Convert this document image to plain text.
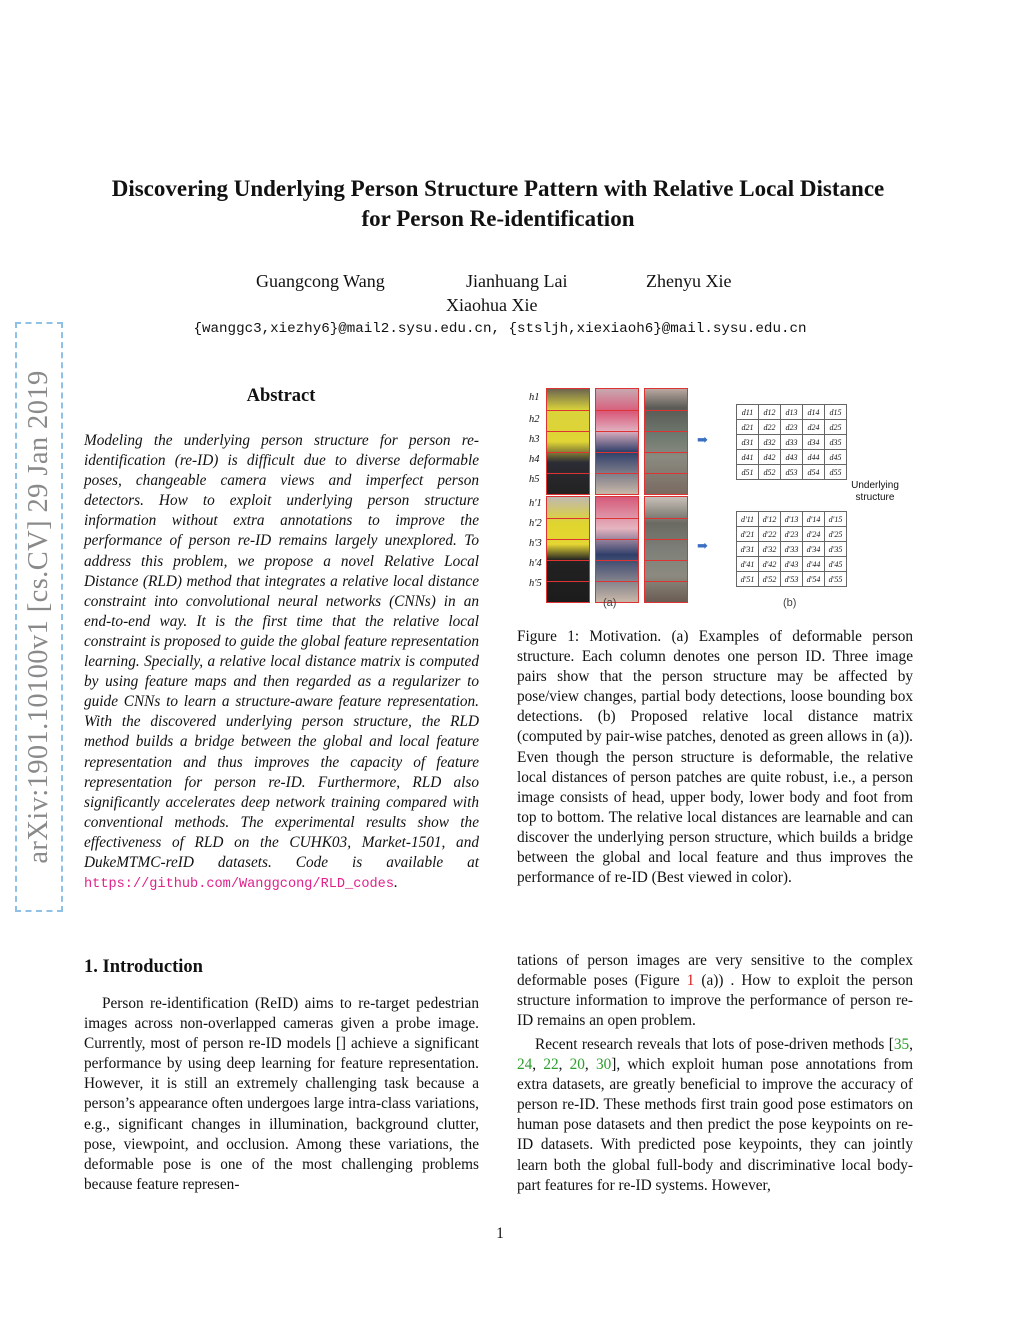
arXiv:1901.10100v1 [cs.CV] 29 Jan 2019
Discovering Underlying Person Structure Pattern with Relative Local Distance
for Person Re-identification
Guangcong Wang	Jianhuang Lai	Zhenyu Xie
Xiaohua Xie
{wanggc3,xiezhy6}@mail2.sysu.edu.cn, {stsljh,xiexiaoh6}@mail.sysu.edu.cn
Abstract
Modeling the underlying person structure for person re-identification (re-ID) is difficult due to diverse deformable poses, changeable camera views and imperfect person detectors. How to exploit underlying person structure information without extra annotations to improve the performance of person re-ID remains largely unexplored. To address this problem, we propose a novel Relative Local Distance (RLD) method that integrates a relative local distance constraint into convolutional neural networks (CNNs) in an end-to-end way. It is the first time that the relative local constraint is proposed to guide the global feature representation learning. Specially, a relative local distance matrix is computed by using feature maps and then regarded as a regularizer to guide CNNs to learn a structure-aware feature representation. With the discovered underlying person structure, the RLD method builds a bridge between the global and local feature representation and thus improves the capacity of feature representation for person re-ID. Furthermore, RLD also significantly accelerates deep network training compared with conventional methods. The experimental results show the effectiveness of RLD on the CUHK03, Market-1501, and DukeMTMC-reID datasets. Code is available at https://github.com/Wanggcong/RLD_codes.
h1
h2
h3
h4
h5
h'1
h'2
h'3
h'4
h'5
➡
➡
d11	d12	d13	d14	d15
d21	d22	d23	d24	d25
d31	d32	d33	d34	d35
d41	d42	d43	d44	d45
d51	d52	d53	d54	d55
d'11	d'12	d'13	d'14	d'15
d'21	d'22	d'23	d'24	d'25
d'31	d'32	d'33	d'34	d'35
d'41	d'42	d'43	d'44	d'45
d'51	d'52	d'53	d'54	d'55
Underlying structure
(a)	(b)
Figure 1: Motivation. (a) Examples of deformable person structure. Each column denotes one person ID. Three image pairs show that the person structure may be affected by pose/view changes, partial body detections, loose bounding box detections. (b) Proposed relative local distance matrix (computed by pair-wise patches, denoted as green allows in (a)). Even though the person structure is deformable, the relative local distances of person patches are quite robust, i.e., a person image consists of head, upper body, lower body and foot from top to bottom. The relative local distances are learnable and can discover the underlying person structure, which builds a bridge between the global and local feature and thus improves the performance of re-ID (Best viewed in color).
1. Introduction
Person re-identification (ReID) aims to re-target pedestrian images across non-overlapped cameras given a probe image. Currently, most of person re-ID models [] achieve a significant performance by using deep learning for feature representation. However, it is still an extremely challenging task because a person’s appearance often undergoes large intra-class variations, e.g., significant changes in illumination, background clutter, pose, viewpoint, and occlusion. Among these variations, the deformable pose is one of the most challenging problems because feature represen-
tations of person images are very sensitive to the complex deformable poses (Figure 1 (a)) . How to exploit the person structure information to improve the performance of person re-ID remains an open problem.
Recent research reveals that lots of pose-driven methods [35, 24, 22, 20, 30], which exploit human pose annotations from extra datasets, are greatly beneficial to improve the accuracy of person re-ID. These methods first train good pose estimators on human pose datasets and then predict the pose keypoints on re-ID datasets. With predicted pose keypoints, they can jointly learn both the global full-body and discriminative local body-part features for re-ID systems. However,
1
